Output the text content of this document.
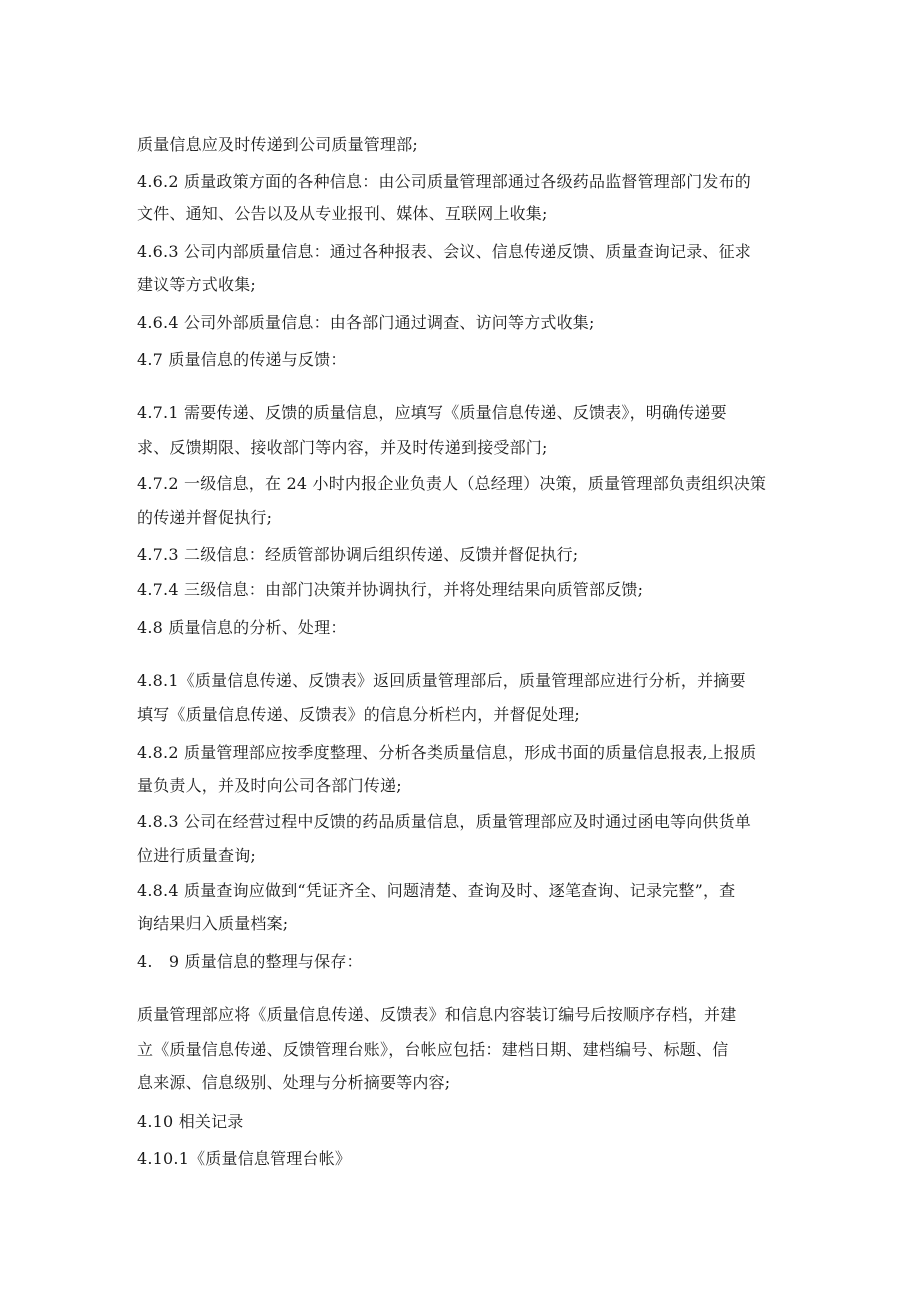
质量信息应及时传递到公司质量管理部;

4.6.2 质量政策方面的各种信息：由公司质量管理部通过各级药品监督管理部门发布的

文件、通知、公告以及从专业报刊、媒体、互联网上收集;

4.6.3 公司内部质量信息：通过各种报表、会议、信息传递反馈、质量查询记录、征求

建议等方式收集;

4.6.4 公司外部质量信息：由各部门通过调查、访问等方式收集;

4.7 质量信息的传递与反馈：

4.7.1 需要传递、反馈的质量信息，应填写《质量信息传递、反馈表》，明确传递要

求、反馈期限、接收部门等内容，并及时传递到接受部门;

4.7.2 一级信息，在 24 小时内报企业负责人（总经理）决策，质量管理部负责组织决策

的传递并督促执行;

4.7.3 二级信息：经质管部协调后组织传递、反馈并督促执行;

4.7.4 三级信息：由部门决策并协调执行，并将处理结果向质管部反馈;

4.8 质量信息的分析、处理：

4.8.1《质量信息传递、反馈表》返回质量管理部后，质量管理部应进行分析，并摘要

填写《质量信息传递、反馈表》的信息分析栏内，并督促处理;

4.8.2 质量管理部应按季度整理、分析各类质量信息，形成书面的质量信息报表,上报质

量负责人，并及时向公司各部门传递;

4.8.3 公司在经营过程中反馈的药品质量信息，质量管理部应及时通过函电等向供货单

位进行质量查询;

4.8.4 质量查询应做到“凭证齐全、问题清楚、查询及时、逐笔查询、记录完整”，查

询结果归入质量档案;

4.　9 质量信息的整理与保存：

质量管理部应将《质量信息传递、反馈表》和信息内容装订编号后按顺序存档，并建

立《质量信息传递、反馈管理台账》，台帐应包括：建档日期、建档编号、标题、信

息来源、信息级别、处理与分析摘要等内容;

4.10 相关记录

4.10.1《质量信息管理台帐》
